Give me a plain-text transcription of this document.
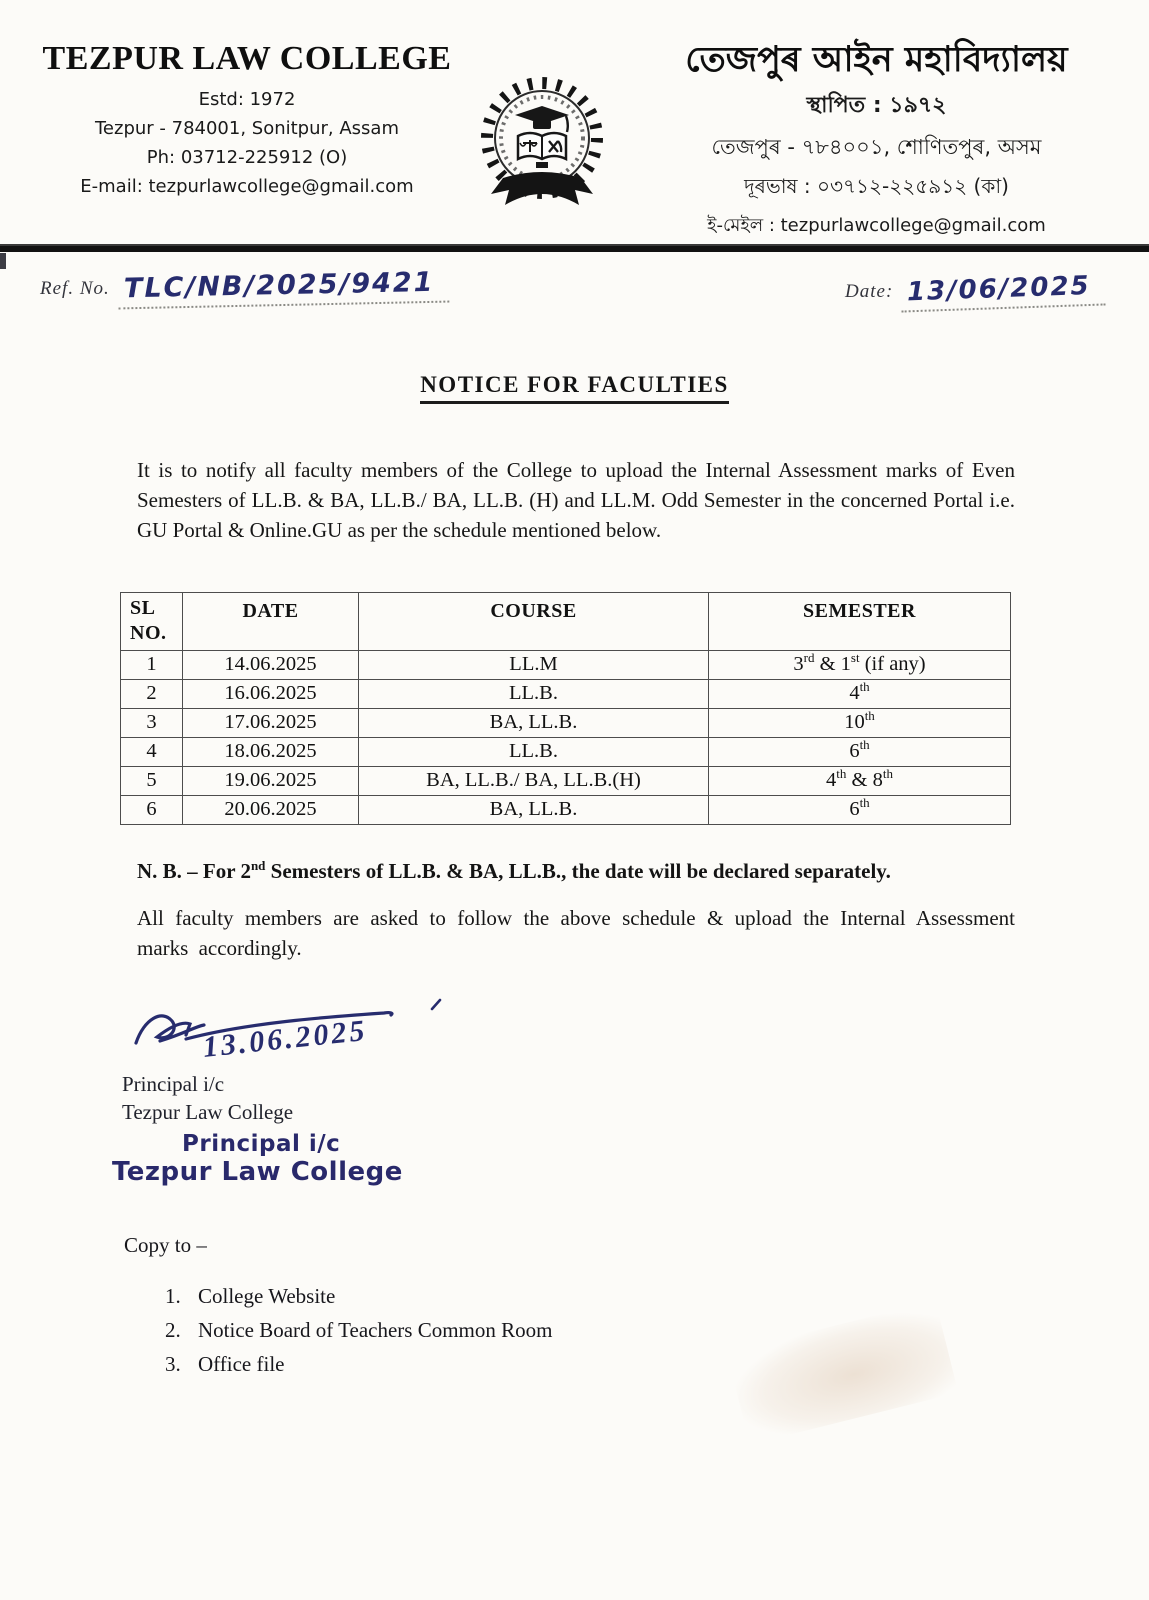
TEZPUR LAW COLLEGE
Estd: 1972
Tezpur - 784001, Sonitpur, Assam
Ph: 03712-225912 (O)
E-mail: tezpurlawcollege@gmail.com
তেজপুৰ আইন মহাবিদ্যালয়
স্থাপিত : ১৯৭২
তেজপুৰ - ৭৮৪০০১, শোণিতপুৰ, অসম
দূৰভাষ : ০৩৭১২-২২৫৯১২ (কা)
ই-মেইল : tezpurlawcollege@gmail.com
Ref. No. TLC/NB/2025/9421	Date: 13/06/2025
NOTICE FOR FACULTIES

It is to notify all faculty members of the College to upload the Internal Assessment marks of Even Semesters of LL.B. & BA, LL.B./ BA, LL.B. (H) and LL.M. Odd Semester in the concerned Portal i.e. GU Portal & Online.GU as per the schedule mentioned below.

SL NO.	DATE	COURSE	SEMESTER
1	14.06.2025	LL.M	3rd & 1st (if any)
2	16.06.2025	LL.B.	4th
3	17.06.2025	BA, LL.B.	10th
4	18.06.2025	LL.B.	6th
5	19.06.2025	BA, LL.B./ BA, LL.B.(H)	4th & 8th
6	20.06.2025	BA, LL.B.	6th

N. B. – For 2nd Semesters of LL.B. & BA, LL.B., the date will be declared separately.

All faculty members are asked to follow the above schedule & upload the Internal Assessment marks accordingly.

13.06.2025
Principal i/c
Tezpur Law College
Principal i/c
Tezpur Law College
Copy to –
1. College Website
2. Notice Board of Teachers Common Room
3. Office file
